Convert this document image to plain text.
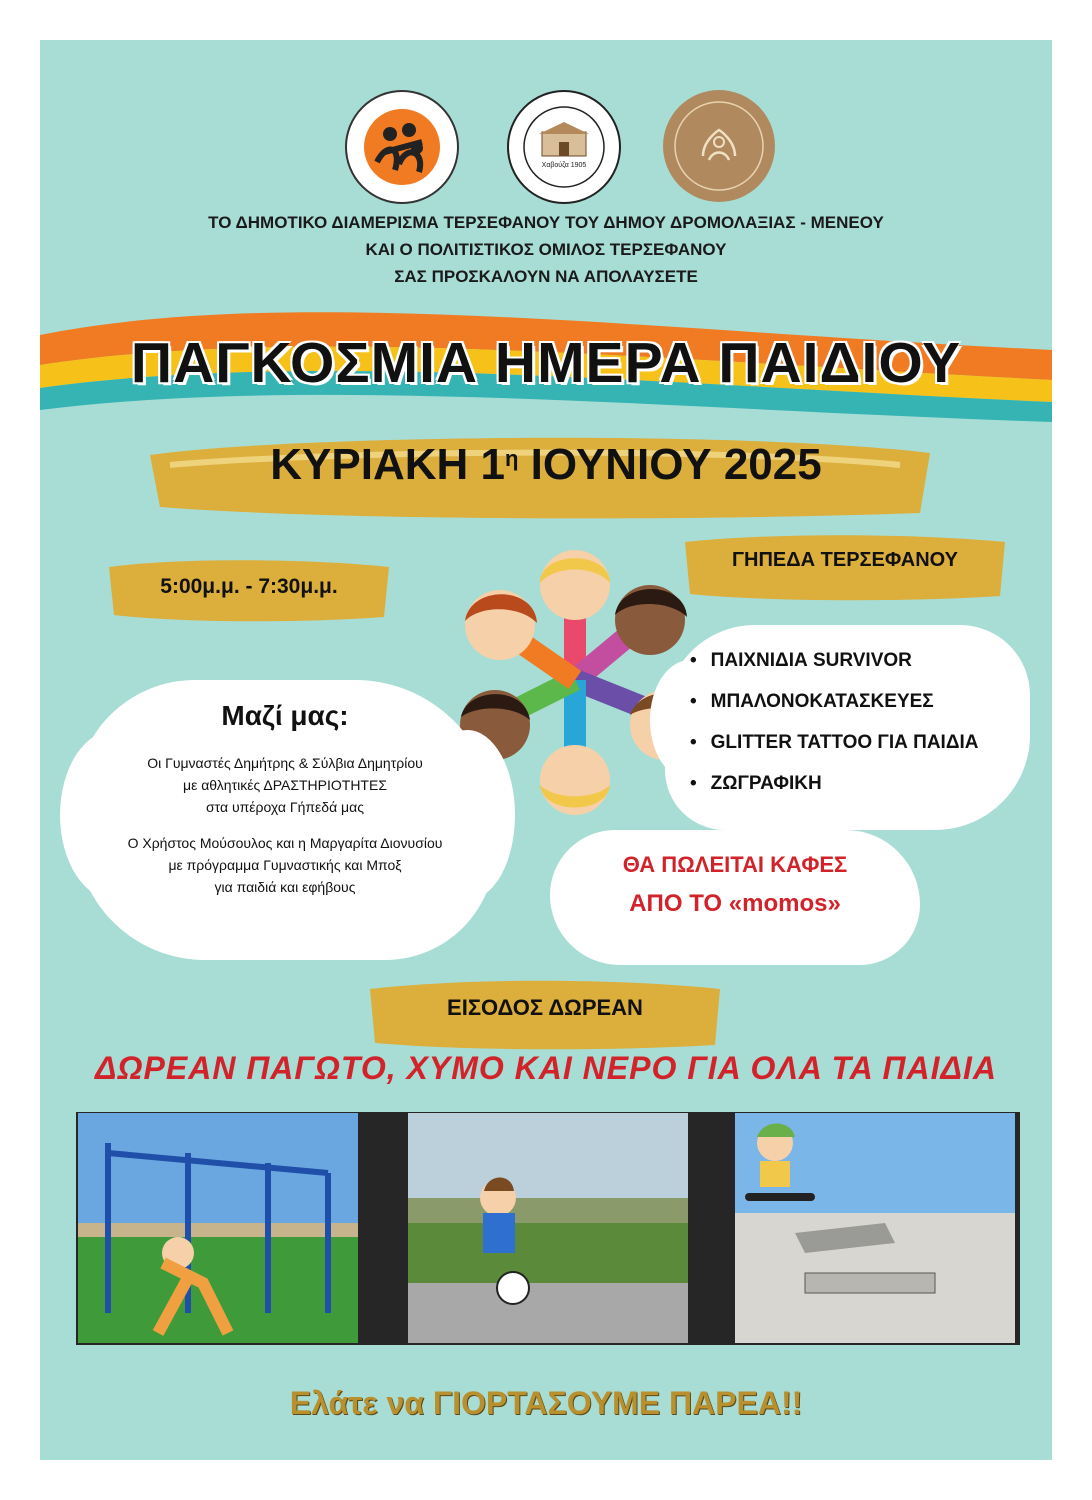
Χαβούζα 1905
ΤΟ ΔΗΜΟΤΙΚΟ ΔΙΑΜΕΡΙΣΜΑ ΤΕΡΣΕΦΑΝΟΥ ΤΟΥ ΔΗΜΟΥ ΔΡΟΜΟΛΑΞΙΑΣ - ΜΕΝΕΟΥ
ΚΑΙ Ο ΠΟΛΙΤΙΣΤΙΚΟΣ ΟΜΙΛΟΣ ΤΕΡΣΕΦΑΝΟΥ
ΣΑΣ ΠΡΟΣΚΑΛΟΥΝ ΝΑ ΑΠΟΛΑΥΣΕΤΕ
ΠΑΓΚΟΣΜΙΑ ΗΜΕΡΑ ΠΑΙΔΙΟΥ
ΚΥΡΙΑΚΗ $1^\eta$ ΙΟΥΝΙΟΥ 2025
5:00μ.μ. - 7:30μ.μ.
ΓΗΠΕΔΑ ΤΕΡΣΕΦΑΝΟΥ
• ΠΑΙΧΝΙΔΙΑ SURVIVOR
• ΜΠΑΛΟΝΟΚΑΤΑΣΚΕΥΕΣ
• GLITTER TATTOO ΓΙΑ ΠΑΙΔΙΑ
• ΖΩΓΡΑΦΙΚΗ
Μαζί μας:
Οι Γυμναστές Δημήτρης & Σύλβια Δημητρίου
με αθλητικές ΔΡΑΣΤΗΡΙΟΤΗΤΕΣ
στα υπέροχα Γήπεδά μας
Ο Χρήστος Μούσουλος και η Μαργαρίτα Διονυσίου
με πρόγραμμα Γυμναστικής και Μποξ
για παιδιά και εφήβους
ΘΑ ΠΩΛΕΙΤΑΙ ΚΑΦΕΣ
ΑΠΟ ΤΟ «momos»
ΕΙΣΟΔΟΣ ΔΩΡΕΑΝ
ΔΩΡΕΑΝ ΠΑΓΩΤΟ, ΧΥΜΟ ΚΑΙ ΝΕΡΟ ΓΙΑ ΟΛΑ ΤΑ ΠΑΙΔΙΑ
Ελάτε να ΓΙΟΡΤΑΣΟΥΜΕ ΠΑΡΕΑ!!
